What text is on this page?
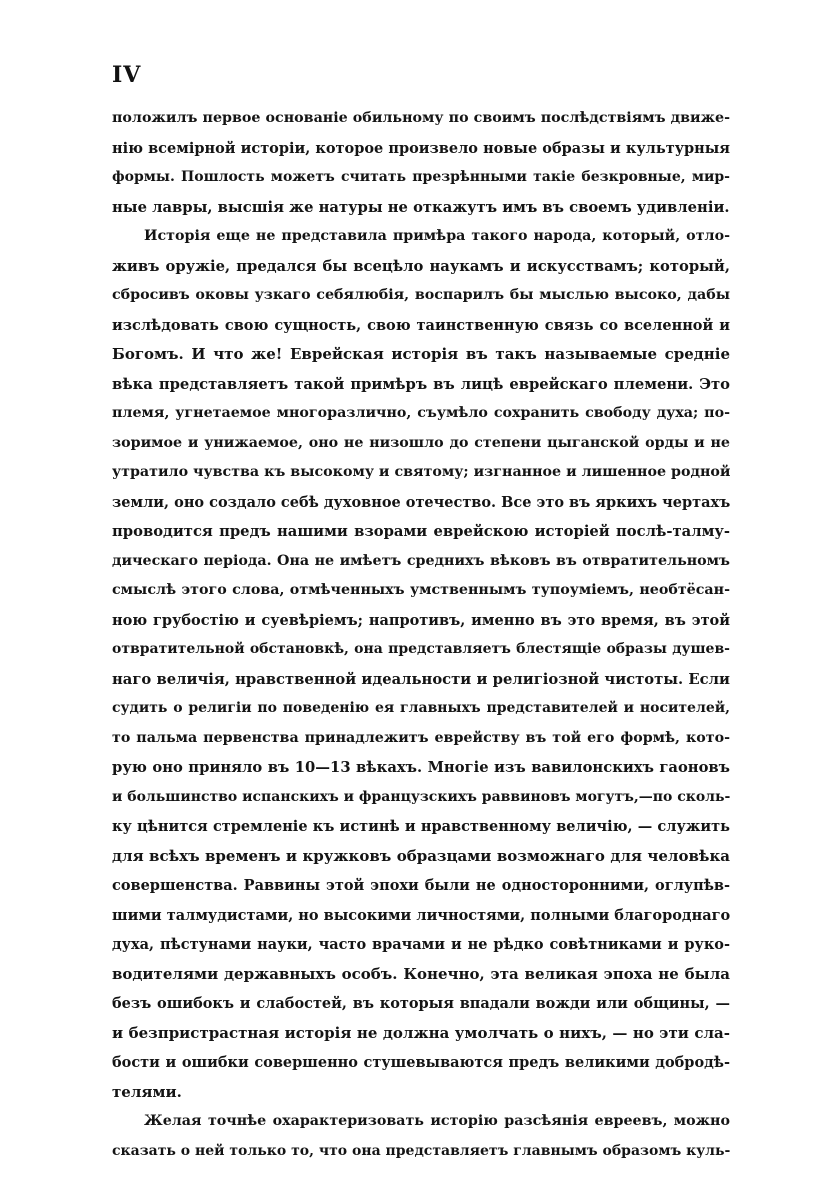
IV
положилъ первое основаніе обильному по своимъ послѣдствіямъ движе-
нію всемірной исторіи, которое произвело новые образы и культурныя
формы. Пошлость можетъ считать презрѣнными такіе безкровные, мир-
ные лавры, высшія же натуры не откажутъ имъ въ своемъ удивленіи.
Исторія еще не представила примѣра такого народа, который, отло-
живъ оружіе, предался бы всецѣло наукамъ и искусствамъ; который,
сбросивъ оковы узкаго себялюбія, воспарилъ бы мыслью высоко, дабы
изслѣдовать свою сущность, свою таинственную связь со вселенной и
Богомъ. И что же! Еврейская исторія въ такъ называемые средніе
вѣка представляетъ такой примѣръ въ лицѣ еврейскаго племени. Это
племя, угнетаемое многоразлично, съумѣло сохранить свободу духа; по-
зоримое и унижаемое, оно не низошло до степени цыганской орды и не
утратило чувства къ высокому и святому; изгнанное и лишенное родной
земли, оно создало себѣ духовное отечество. Все это въ яркихъ чертахъ
проводится предъ нашими взорами еврейскою исторіей послѣ-талму-
дическаго періода. Она не имѣетъ среднихъ вѣковъ въ отвратительномъ
смыслѣ этого слова, отмѣченныхъ умственнымъ тупоуміемъ, необтёсан-
ною грубостію и суевѣріемъ; напротивъ, именно въ это время, въ этой
отвратительной обстановкѣ, она представляетъ блестящіе образы душев-
наго величія, нравственной идеальности и религіозной чистоты. Если
судить о религіи по поведенію ея главныхъ представителей и носителей,
то пальма первенства принадлежитъ еврейству въ той его формѣ, кото-
рую оно приняло въ 10—13 вѣкахъ. Многіе изъ вавилонскихъ гаоновъ
и большинство испанскихъ и французскихъ раввиновъ могутъ,—по сколь-
ку цѣнится стремленіе къ истинѣ и нравственному величію, — служить
для всѣхъ временъ и кружковъ образцами возможнаго для человѣка
совершенства. Раввины этой эпохи были не односторонними, оглупѣв-
шими талмудистами, но высокими личностями, полными благороднаго
духа, пѣстунами науки, часто врачами и не рѣдко совѣтниками и руко-
водителями державныхъ особъ. Конечно, эта великая эпоха не была
безъ ошибокъ и слабостей, въ которыя впадали вожди или общины, —
и безпристрастная исторія не должна умолчать о нихъ, — но эти сла-
бости и ошибки совершенно стушевываются предъ великими добродѣ-
телями.
Желая точнѣе охарактеризовать исторію разсѣянія евреевъ, можно
сказать о ней только то, что она представляетъ главнымъ образомъ куль-
